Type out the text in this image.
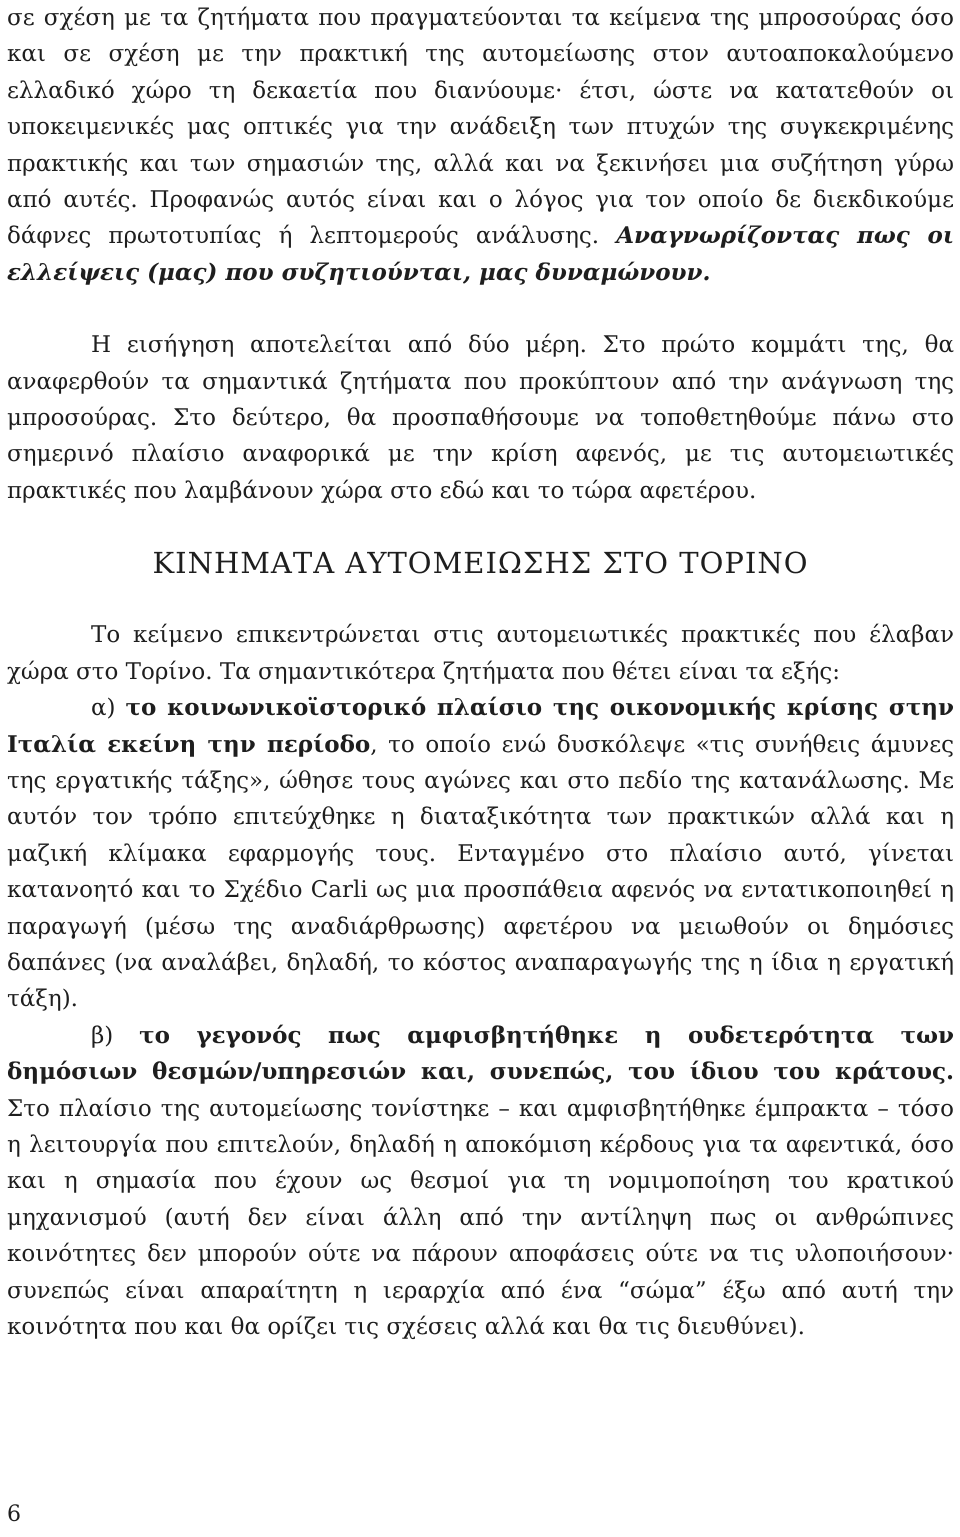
σε σχέση με τα ζητήματα που πραγματεύονται τα κείμενα της μπροσούρας όσο και σε σχέση με την πρακτική της αυτομείωσης στον αυτοαποκαλούμενο ελλαδικό χώρο τη δεκαετία που διανύουμε· έτσι, ώστε να κατατεθούν οι υποκειμενικές μας οπτικές για την ανάδειξη των πτυχών της συγκεκριμένης πρακτικής και των σημασιών της, αλλά και να ξεκινήσει μια συζήτηση γύρω από αυτές. Προφανώς αυτός είναι και ο λόγος για τον οποίο δε διεκδικούμε δάφνες πρωτοτυπίας ή λεπτομερούς ανάλυσης. Αναγνωρίζοντας πως οι ελλείψεις (μας) που συζητιούνται, μας δυναμώνουν.

Η εισήγηση αποτελείται από δύο μέρη. Στο πρώτο κομμάτι της, θα αναφερθούν τα σημαντικά ζητήματα που προκύπτουν από την ανάγνωση της μπροσούρας. Στο δεύτερο, θα προσπαθήσουμε να τοποθετηθούμε πάνω στο σημερινό πλαίσιο αναφορικά με την κρίση αφενός, με τις αυτομειωτικές πρακτικές που λαμβάνουν χώρα στο εδώ και το τώρα αφετέρου.

ΚΙΝΗΜΑΤΑ ΑΥΤΟΜΕΙΩΣΗΣ ΣΤΟ ΤΟΡΙΝΟ

Το κείμενο επικεντρώνεται στις αυτομειωτικές πρακτικές που έλαβαν χώρα στο Τορίνο. Τα σημαντικότερα ζητήματα που θέτει είναι τα εξής:

α) το κοινωνικοϊστορικό πλαίσιο της οικονομικής κρίσης στην Ιταλία εκείνη την περίοδο, το οποίο ενώ δυσκόλεψε «τις συνήθεις άμυνες της εργατικής τάξης», ώθησε τους αγώνες και στο πεδίο της κατανάλωσης. Με αυτόν τον τρόπο επιτεύχθηκε η διαταξικότητα των πρακτικών αλλά και η μαζική κλίμακα εφαρμογής τους. Ενταγμένο στο πλαίσιο αυτό, γίνεται κατανοητό και το Σχέδιο Carli ως μια προσπάθεια αφενός να εντατικοποιηθεί η παραγωγή (μέσω της αναδιάρθρωσης) αφετέρου να μειωθούν οι δημόσιες δαπάνες (να αναλάβει, δηλαδή, το κόστος αναπαραγωγής της η ίδια η εργατική τάξη).

β) το γεγονός πως αμφισβητήθηκε η ουδετερότητα των δημόσιων θεσμών/υπηρεσιών και, συνεπώς, του ίδιου του κράτους. Στο πλαίσιο της αυτομείωσης τονίστηκε – και αμφισβητήθηκε έμπρακτα – τόσο η λειτουργία που επιτελούν, δηλαδή η αποκόμιση κέρδους για τα αφεντικά, όσο και η σημασία που έχουν ως θεσμοί για τη νομιμοποίηση του κρατικού μηχανισμού (αυτή δεν είναι άλλη από την αντίληψη πως οι ανθρώπινες κοινότητες δεν μπορούν ούτε να πάρουν αποφάσεις ούτε να τις υλοποιήσουν· συνεπώς είναι απαραίτητη η ιεραρχία από ένα “σώμα” έξω από αυτή την κοινότητα που και θα ορίζει τις σχέσεις αλλά και θα τις διευθύνει).

6
